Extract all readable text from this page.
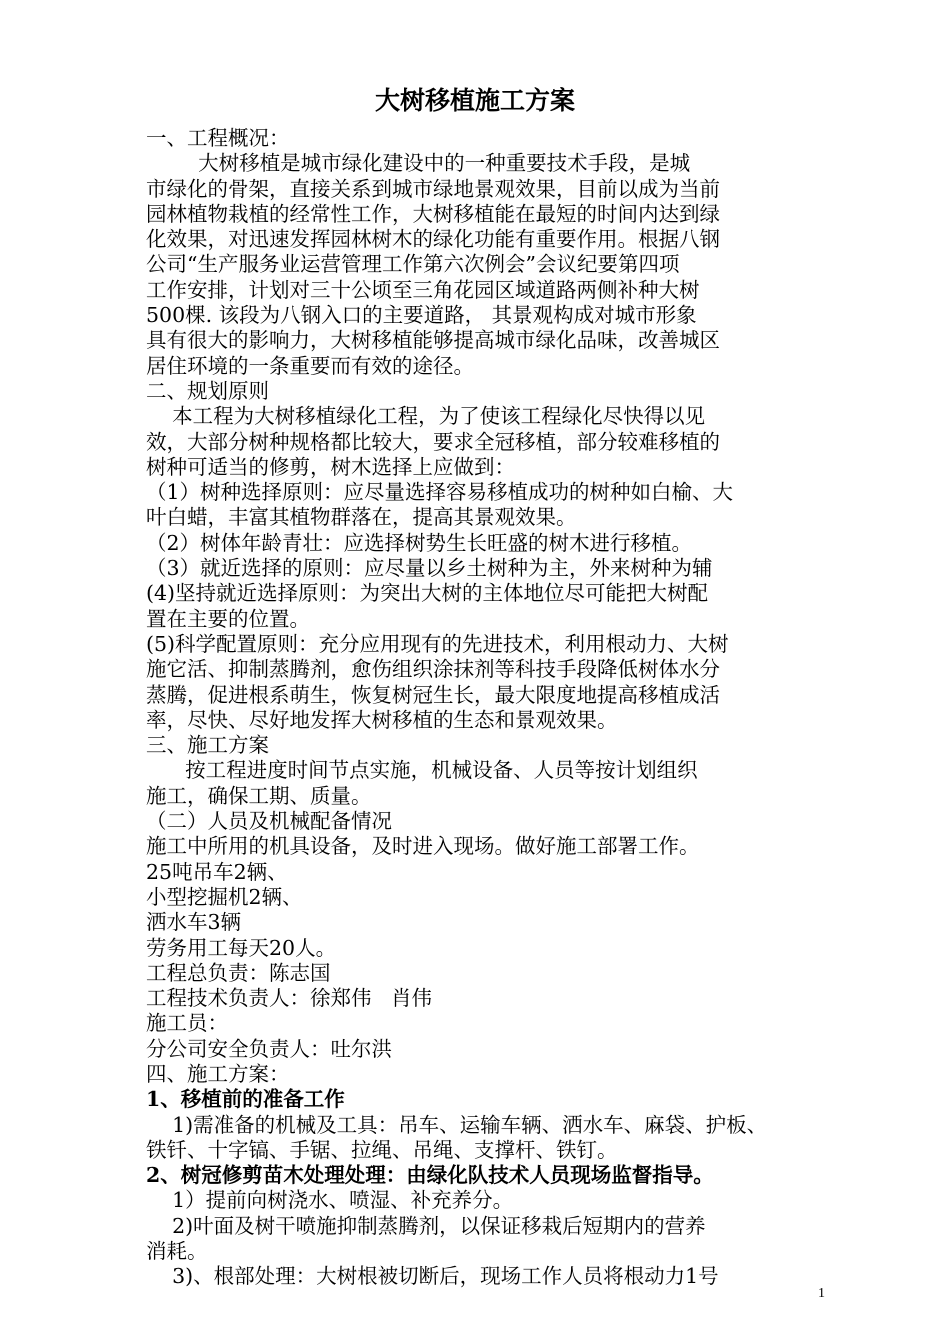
大树移植施工方案

一、工程概况：

大树移植是城市绿化建设中的一种重要技术手段，是城

市绿化的骨架，直接关系到城市绿地景观效果，目前以成为当前

园林植物栽植的经常性工作，大树移植能在最短的时间内达到绿

化效果，对迅速发挥园林树木的绿化功能有重要作用。根据八钢

公司“生产服务业运营管理工作第六次例会”会议纪要第四项

工作安排，计划对三十公顷至三角花园区域道路两侧补种大树

500棵. 该段为八钢入口的主要道路， 其景观构成对城市形象

具有很大的影响力，大树移植能够提高城市绿化品味，改善城区

居住环境的一条重要而有效的途径。

二、规划原则

本工程为大树移植绿化工程，为了使该工程绿化尽快得以见

效，大部分树种规格都比较大，要求全冠移植，部分较难移植的

树种可适当的修剪，树木选择上应做到：

（1）树种选择原则：应尽量选择容易移植成功的树种如白榆、大

叶白蜡，丰富其植物群落在，提高其景观效果。

（2）树体年龄青壮：应选择树势生长旺盛的树木进行移植。

（3）就近选择的原则：应尽量以乡土树种为主，外来树种为辅

(4)坚持就近选择原则：为突出大树的主体地位尽可能把大树配

置在主要的位置。

(5)科学配置原则：充分应用现有的先进技术，利用根动力、大树

施它活、抑制蒸腾剂，愈伤组织涂抹剂等科技手段降低树体水分

蒸腾，促进根系萌生，恢复树冠生长，最大限度地提高移植成活

率，尽快、尽好地发挥大树移植的生态和景观效果。

三、施工方案

按工程进度时间节点实施，机械设备、人员等按计划组织

施工，确保工期、质量。

（二）人员及机械配备情况

施工中所用的机具设备，及时进入现场。做好施工部署工作。

25吨吊车2辆、

小型挖掘机2辆、

洒水车3辆

劳务用工每天20人。

工程总负责：陈志国

工程技术负责人：徐郑伟   肖伟

施工员：

分公司安全负责人：吐尔洪

四、施工方案：

1、移植前的准备工作

1)需准备的机械及工具：吊车、运输车辆、洒水车、麻袋、护板、

铁钎、十字镐、手锯、拉绳、吊绳、支撑杆、铁钉。

2、树冠修剪苗木处理处理：由绿化队技术人员现场监督指导。

1）提前向树浇水、喷湿、补充养分。

2)叶面及树干喷施抑制蒸腾剂，以保证移栽后短期内的营养

消耗。

3)、根部处理：大树根被切断后，现场工作人员将根动力1号

1
